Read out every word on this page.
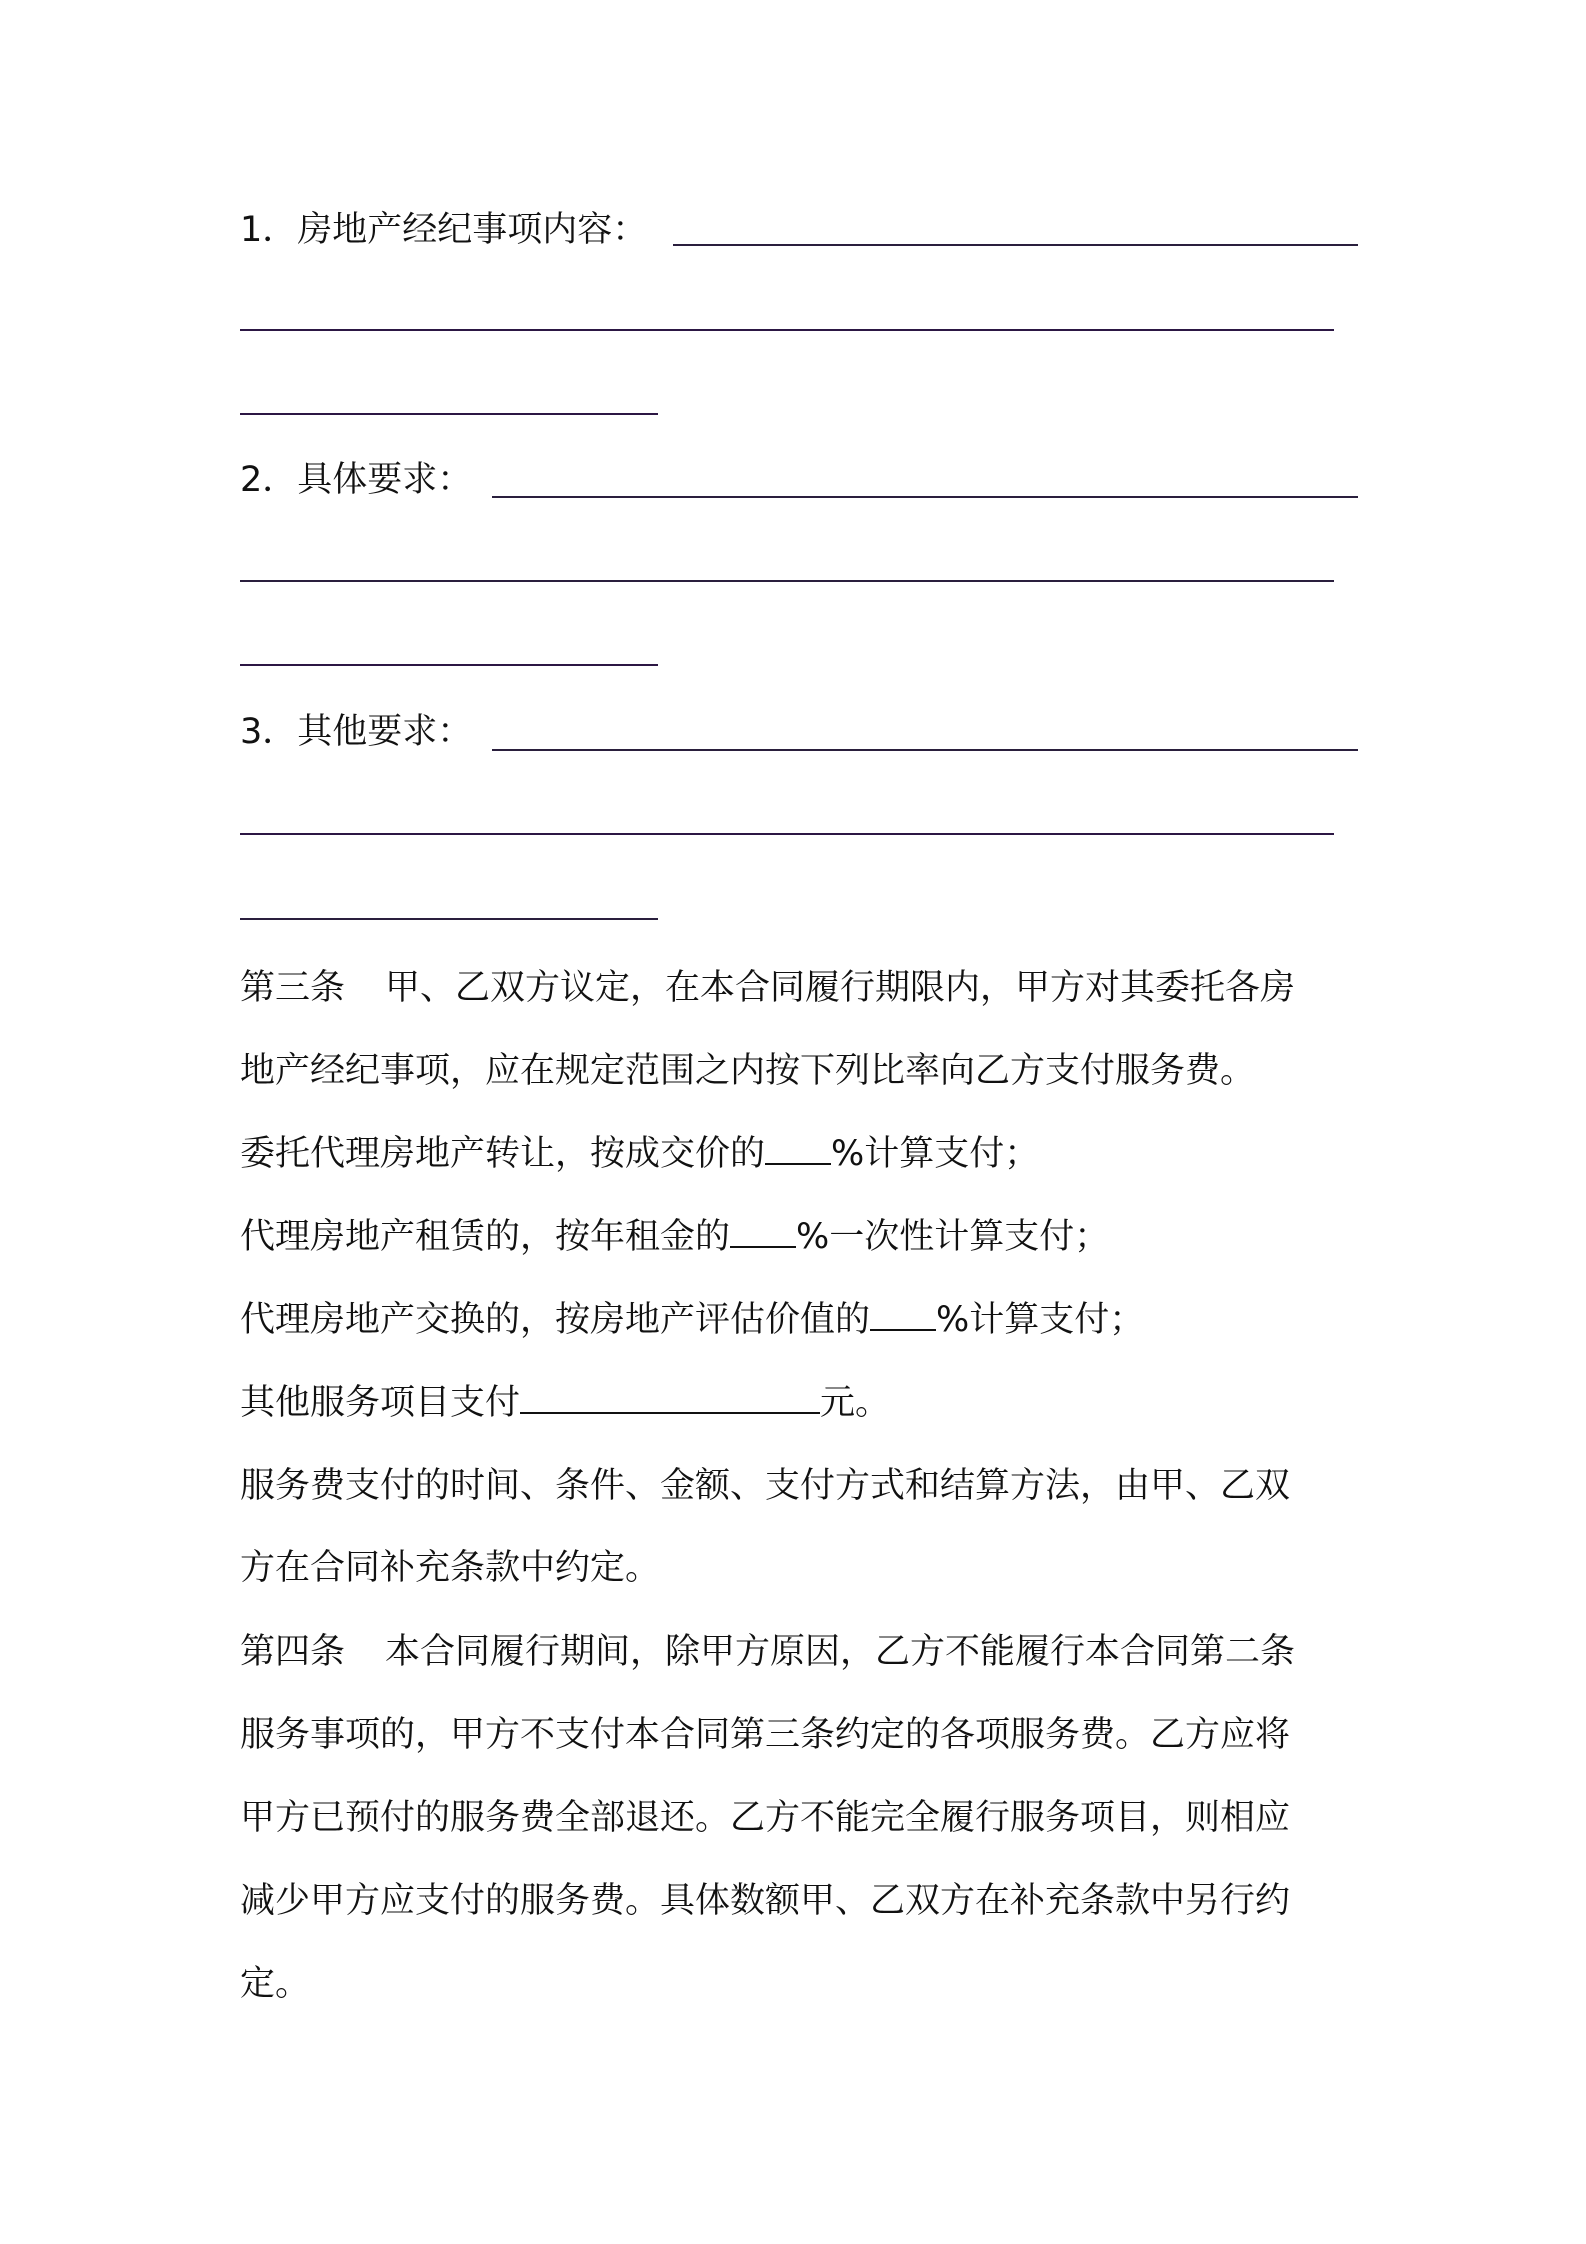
1．房地产经纪事项内容：
2．具体要求：
3．其他要求：
第三条 甲、乙双方议定，在本合同履行期限内，甲方对其委托各房
地产经纪事项，应在规定范围之内按下列比率向乙方支付服务费。
委托代理房地产转让，按成交价的 %计算支付；
代理房地产租赁的，按年租金的 %一次性计算支付；
代理房地产交换的，按房地产评估价值的 %计算支付；
其他服务项目支付	元。
服务费支付的时间、条件、金额、支付方式和结算方法，由甲、乙双
方在合同补充条款中约定。
第四条 本合同履行期间，除甲方原因，乙方不能履行本合同第二条
服务事项的，甲方不支付本合同第三条约定的各项服务费。乙方应将
甲方已预付的服务费全部退还。乙方不能完全履行服务项目，则相应
减少甲方应支付的服务费。具体数额甲、乙双方在补充条款中另行约
定。
